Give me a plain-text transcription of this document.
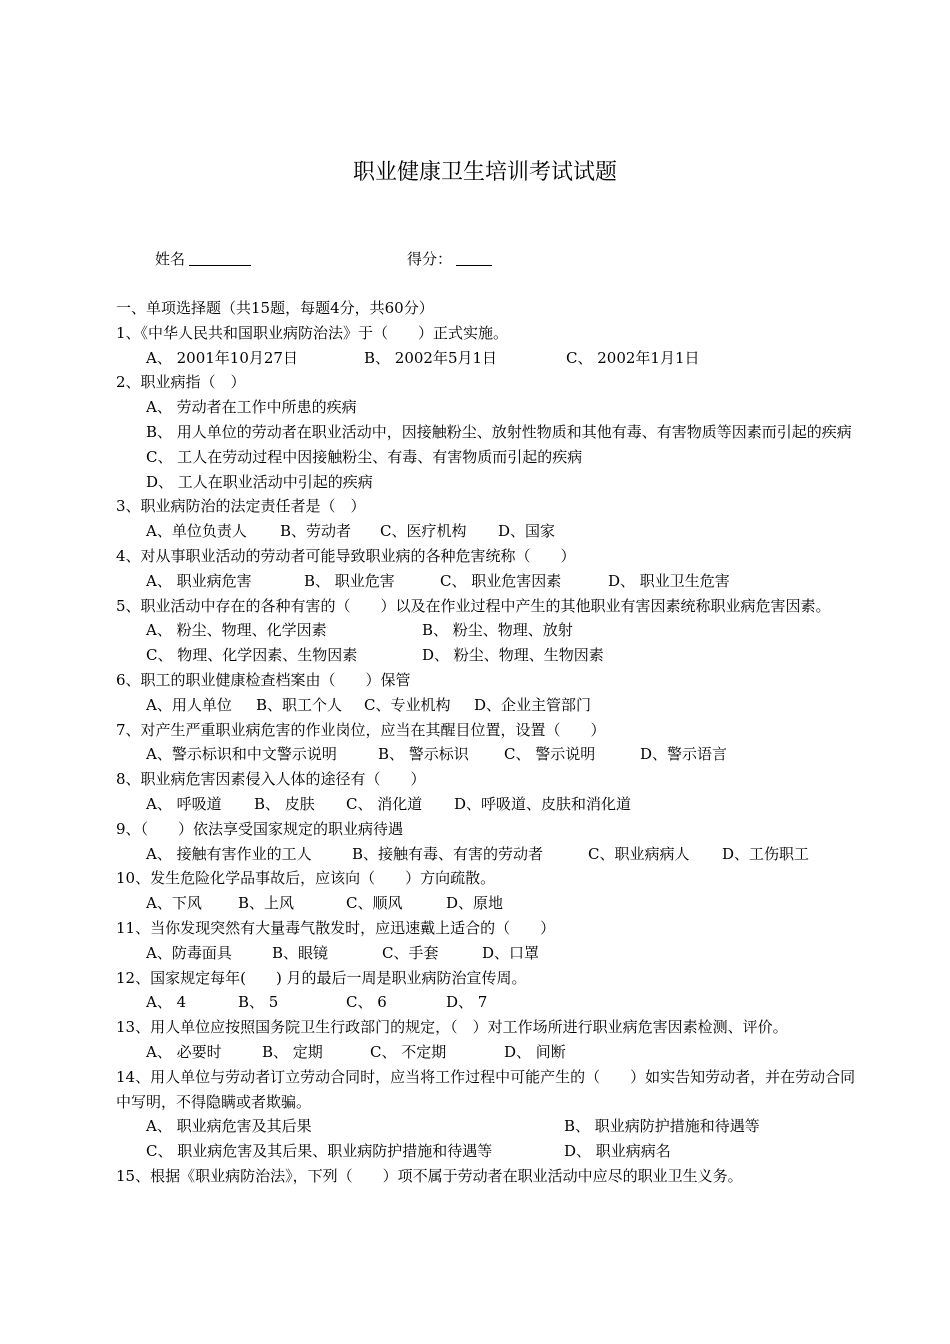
职业健康卫生培训考试试题
姓名	得分：
一、单项选择题（共15题，每题4分，共60分）
1、《中华人民共和国职业病防治法》于（　　）正式实施。
A、 2001年10月27日	B、 2002年5月1日	C、 2002年1月1日
2、职业病指（　）
A、 劳动者在工作中所患的疾病
B、 用人单位的劳动者在职业活动中，因接触粉尘、放射性物质和其他有毒、有害物质等因素而引起的疾病
C、 工人在劳动过程中因接触粉尘、有毒、有害物质而引起的疾病
D、 工人在职业活动中引起的疾病
3、职业病防治的法定责任者是（　）
A、单位负责人 B、劳动者 C、医疗机构 D、国家
4、对从事职业活动的劳动者可能导致职业病的各种危害统称（　　）
A、 职业病危害	B、 职业危害	C、 职业危害因素	D、 职业卫生危害
5、职业活动中存在的各种有害的（　　）以及在作业过程中产生的其他职业有害因素统称职业病危害因素。
A、 粉尘、物理、化学因素	B、 粉尘、物理、放射
C、 物理、化学因素、生物因素	D、 粉尘、物理、生物因素
6、职工的职业健康检查档案由（　　）保管
A、用人单位 B、职工个人 C、专业机构 D、企业主管部门
7、对产生严重职业病危害的作业岗位，应当在其醒目位置，设置（　　）
A、警示标识和中文警示说明	B、 警示标识 C、 警示说明	D、警示语言
8、职业病危害因素侵入人体的途径有（　　）
A、 呼吸道 B、 皮肤 C、 消化道 D、呼吸道、皮肤和消化道
9、（　　）依法享受国家规定的职业病待遇
A、 接触有害作业的工人	B、接触有毒、有害的劳动者	C、职业病病人 D、工伤职工
10、发生危险化学品事故后，应该向（　　）方向疏散。
A、下风 B、上风	C、顺风	D、原地
11、当你发现突然有大量毒气散发时，应迅速戴上适合的（　　）
A、防毒面具	B、眼镜	C、手套	D、口罩
12、国家规定每年(　　) 月的最后一周是职业病防治宣传周。
A、 4	B、 5	C、 6	D、 7
13、用人单位应按照国务院卫生行政部门的规定，（　）对工作场所进行职业病危害因素检测、评价。
A、 必要时	B、 定期	C、 不定期	D、 间断
14、用人单位与劳动者订立劳动合同时，应当将工作过程中可能产生的（　　）如实告知劳动者，并在劳动合同中写明，不得隐瞒或者欺骗。
A、 职业病危害及其后果	B、 职业病防护措施和待遇等
C、 职业病危害及其后果、职业病防护措施和待遇等	D、 职业病病名
15、根据《职业病防治法》，下列（　　）项不属于劳动者在职业活动中应尽的职业卫生义务。
